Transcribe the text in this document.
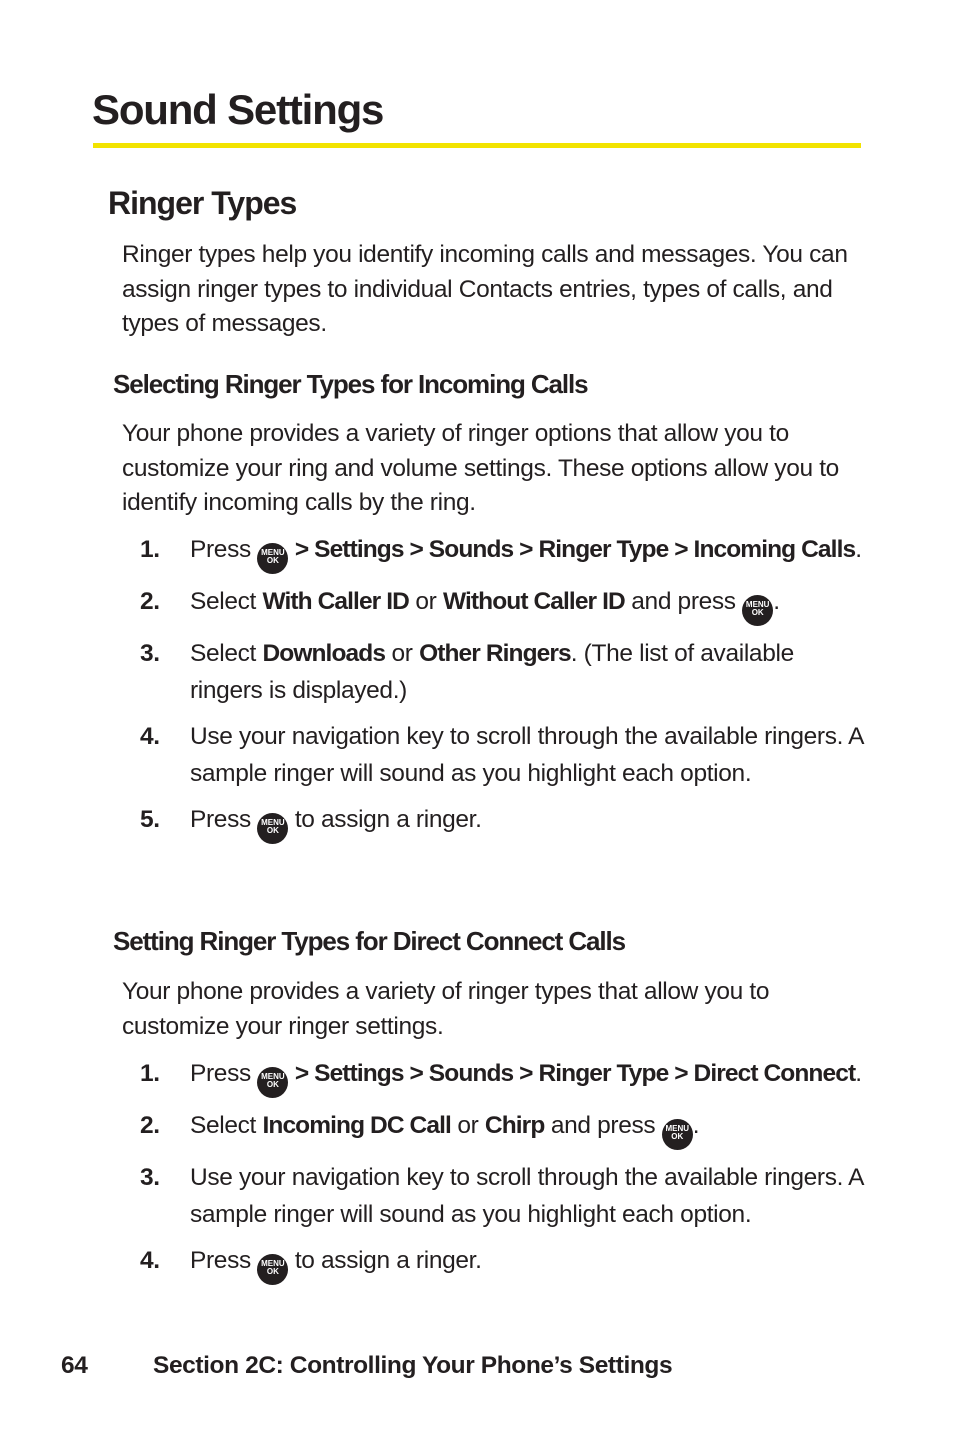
Sound Settings
Ringer Types

Ringer types help you identify incoming calls and messages. You can assign ringer types to individual Contacts entries, types of calls, and types of messages.

Selecting Ringer Types for Incoming Calls

Your phone provides a variety of ringer options that allow you to customize your ring and volume settings. These options allow you to identify incoming calls by the ring.

1. Press	MENU
OK > Settings > Sounds > Ringer Type > Incoming Calls.
2. Select With Caller ID or Without Caller ID and press	MENU
OK .
3. Select Downloads or Other Ringers. (The list of available ringers is displayed.)
4. Use your navigation key to scroll through the available ringers. A sample ringer will sound as you highlight each option.
5. Press	MENU
OK to assign a ringer.
Setting Ringer Types for Direct Connect Calls

Your phone provides a variety of ringer types that allow you to customize your ringer settings.

1. Press	MENU
OK > Settings > Sounds > Ringer Type > Direct Connect.
2. Select Incoming DC Call or Chirp and press	MENU
OK .
3. Use your navigation key to scroll through the available ringers. A sample ringer will sound as you highlight each option.
4. Press	MENU
OK to assign a ringer.
64	Section 2C: Controlling Your Phone’s Settings
